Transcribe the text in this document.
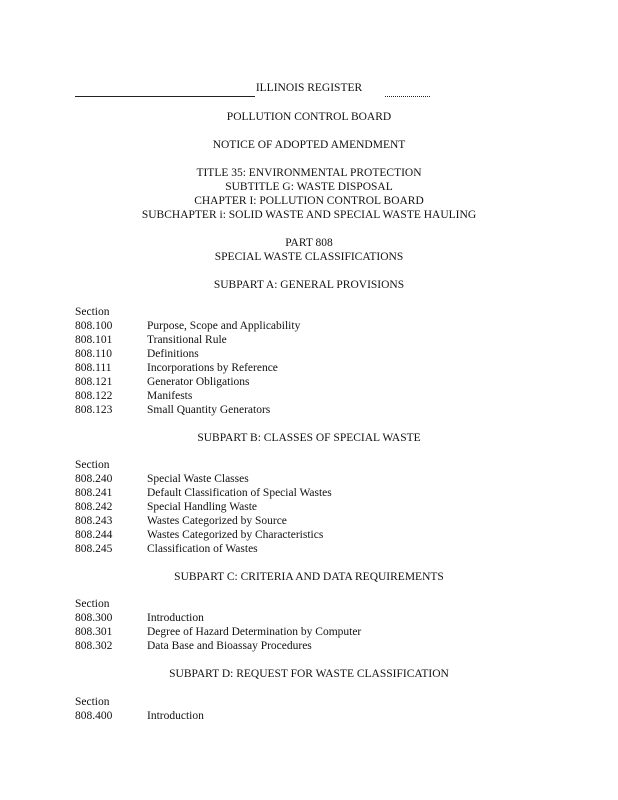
ILLINOIS REGISTER
POLLUTION CONTROL BOARD
NOTICE OF ADOPTED AMENDMENT
TITLE 35: ENVIRONMENTAL PROTECTION
SUBTITLE G: WASTE DISPOSAL
CHAPTER I: POLLUTION CONTROL BOARD
SUBCHAPTER i: SOLID WASTE AND SPECIAL WASTE HAULING
PART 808
SPECIAL WASTE CLASSIFICATIONS
SUBPART A: GENERAL PROVISIONS
Section
808.100	Purpose, Scope and Applicability
808.101	Transitional Rule
808.110	Definitions
808.111	Incorporations by Reference
808.121	Generator Obligations
808.122	Manifests
808.123	Small Quantity Generators
SUBPART B: CLASSES OF SPECIAL WASTE
Section
808.240	Special Waste Classes
808.241	Default Classification of Special Wastes
808.242	Special Handling Waste
808.243	Wastes Categorized by Source
808.244	Wastes Categorized by Characteristics
808.245	Classification of Wastes
SUBPART C: CRITERIA AND DATA REQUIREMENTS
Section
808.300	Introduction
808.301	Degree of Hazard Determination by Computer
808.302	Data Base and Bioassay Procedures
SUBPART D: REQUEST FOR WASTE CLASSIFICATION
Section
808.400	Introduction
